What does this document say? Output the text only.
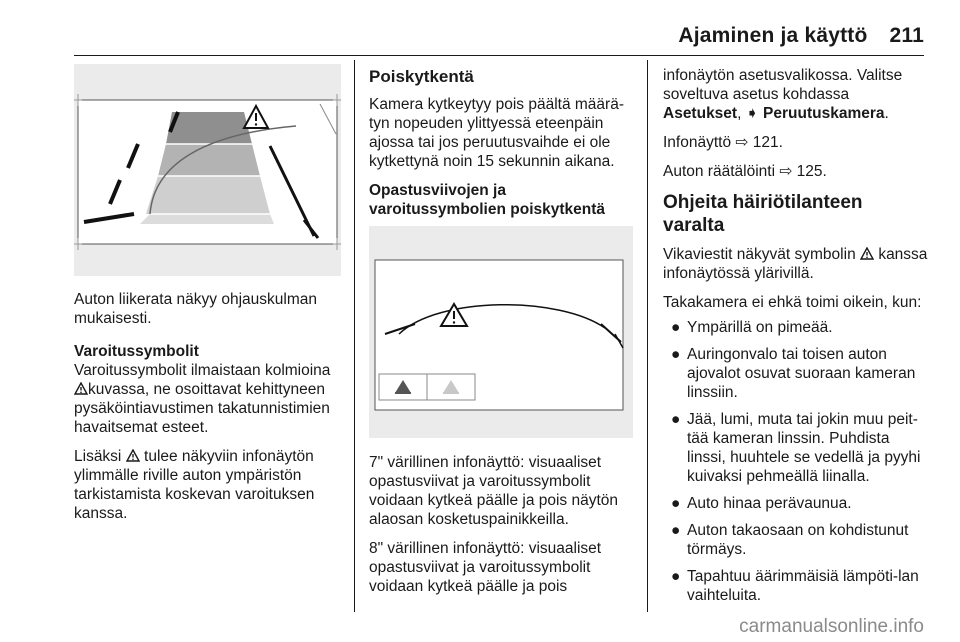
Ajaminen ja käyttö 211

Auton liikerata näkyy ohjauskulman mukaisesti.

Varoitussymbolit

Varoitussymbolit ilmaistaan kolmioina kuvassa, ne osoittavat kehittyneen pysäköintiavustimen takatunnistimien havaitsemat esteet.

Lisäksi tulee näkyviin infonäytön ylimmälle riville auton ympäristön tarkistamista koskevan varoituksen kanssa.

Poiskytkentä

Kamera kytkeytyy pois päältä määrä-tyn nopeuden ylittyessä eteenpäin ajossa tai jos peruutusvaihde ei ole kytkettynä noin 15 sekunnin aikana.

Opastusviivojen ja varoitussymbolien poiskytkentä

7" värillinen infonäyttö: visuaaliset opastusviivat ja varoitussymbolit voidaan kytkeä päälle ja pois näytön alaosan kosketuspainikkeilla.

8" värillinen infonäyttö: visuaaliset opastusviivat ja varoitussymbolit voidaan kytkeä päälle ja pois

infonäytön asetusvalikossa. Valitse soveltuva asetus kohdassa Asetukset, ➧ Peruutuskamera.

Infonäyttö ⇨ 121.

Auton räätälöinti ⇨ 125.

Ohjeita häiriötilanteen varalta

Vikaviestit näkyvät symbolin kanssa infonäytössä ylärivillä.

Takakamera ei ehkä toimi oikein, kun:

● Ympärillä on pimeää.
● Auringonvalo tai toisen auton ajovalot osuvat suoraan kameran linssiin.
● Jää, lumi, muta tai jokin muu peit-tää kameran linssin. Puhdista linssi, huuhtele se vedellä ja pyyhi kuivaksi pehmeällä liinalla.
● Auto hinaa perävaunua.
● Auton takaosaan on kohdistunut törmäys.
● Tapahtuu äärimmäisiä lämpöti-lan vaihteluita.
carmanualsonline.info
